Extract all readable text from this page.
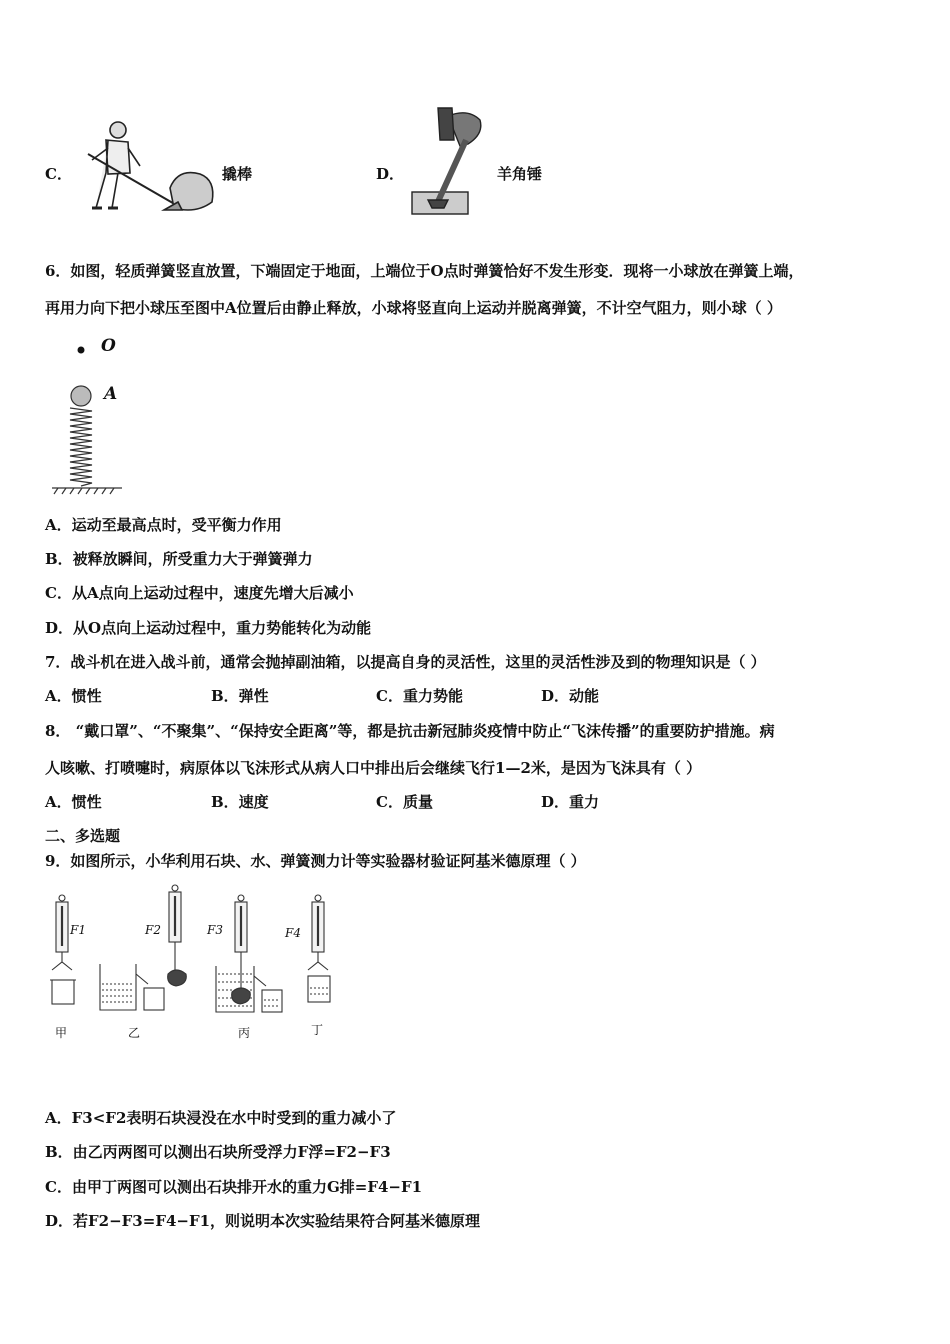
C．	撬棒	D．	羊角锤
6．如图，轻质弹簧竖直放置，下端固定于地面，上端位于O点时弹簧恰好不发生形变．现将一小球放在弹簧上端，
再用力向下把小球压至图中A位置后由静止释放，小球将竖直向上运动并脱离弹簧，不计空气阻力，则小球（ ）
O
A
A．运动至最高点时，受平衡力作用
B．被释放瞬间，所受重力大于弹簧弹力
C．从A点向上运动过程中，速度先增大后减小
D．从O点向上运动过程中，重力势能转化为动能
7．战斗机在进入战斗前，通常会抛掉副油箱，以提高自身的灵活性，这里的灵活性涉及到的物理知识是（ ）
A．惯性	B．弹性	C．重力势能	D．动能
8． “戴口罩”、“不聚集”、“保持安全距离”等，都是抗击新冠肺炎疫情中防止“飞沫传播”的重要防护措施。病
人咳嗽、打喷嚏时，病原体以飞沫形式从病人口中排出后会继续飞行1—2米，是因为飞沫具有（ ）
A．惯性	B．速度	C．质量	D．重力
二、多选题
9．如图所示，小华利用石块、水、弹簧测力计等实验器材验证阿基米德原理（ ）
F1	F2	F3	F4
甲	乙	丙	丁
A．F3<F2表明石块浸没在水中时受到的重力减小了
B．由乙丙两图可以测出石块所受浮力F浮=F2−F3
C．由甲丁两图可以测出石块排开水的重力G排=F4−F1
D．若F2−F3=F4−F1，则说明本次实验结果符合阿基米德原理
